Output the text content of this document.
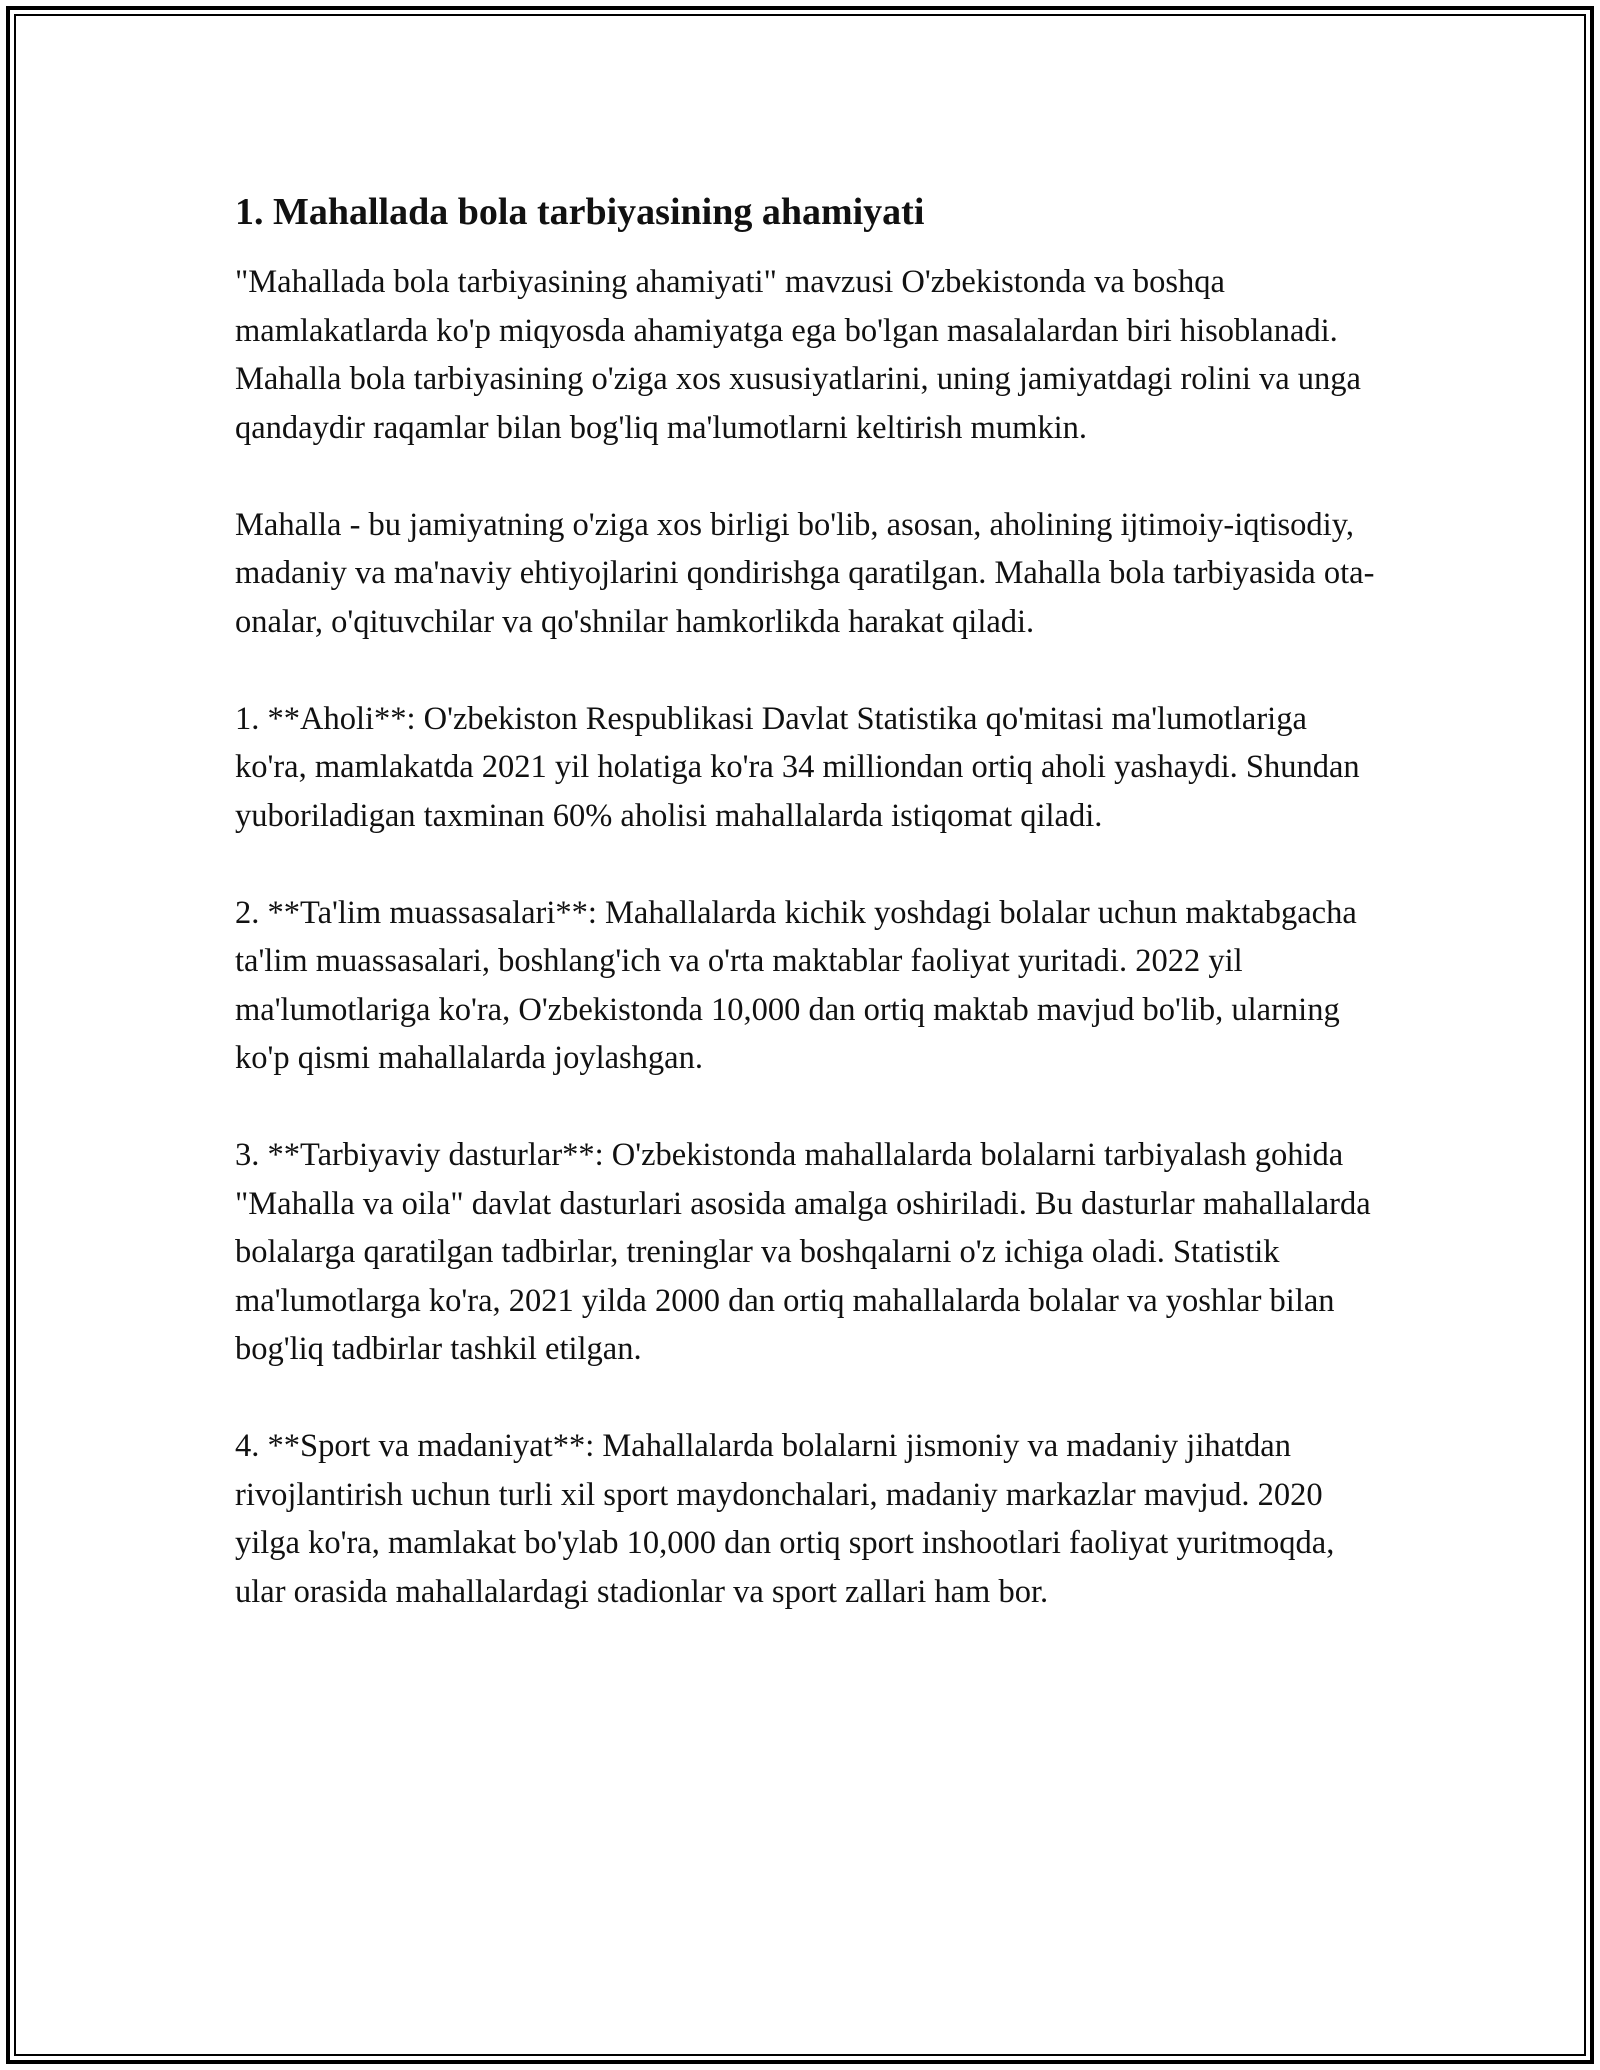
1. Mahallada bola tarbiyasining ahamiyati

"Mahallada bola tarbiyasining ahamiyati" mavzusi O'zbekistonda va boshqa mamlakatlarda ko'p miqyosda ahamiyatga ega bo'lgan masalalardan biri hisoblanadi. Mahalla bola tarbiyasining o'ziga xos xususiyatlarini, uning jamiyatdagi rolini va unga qandaydir raqamlar bilan bog'liq ma'lumotlarni keltirish mumkin.

Mahalla - bu jamiyatning o'ziga xos birligi bo'lib, asosan, aholining ijtimoiy-iqtisodiy, madaniy va ma'naviy ehtiyojlarini qondirishga qaratilgan. Mahalla bola tarbiyasida ota-onalar, o'qituvchilar va qo'shnilar hamkorlikda harakat qiladi.

1. **Aholi**: O'zbekiston Respublikasi Davlat Statistika qo'mitasi ma'lumotlariga ko'ra, mamlakatda 2021 yil holatiga ko'ra 34 milliondan ortiq aholi yashaydi. Shundan yuboriladigan taxminan 60% aholisi mahallalarda istiqomat qiladi.

2. **Ta'lim muassasalari**: Mahallalarda kichik yoshdagi bolalar uchun maktabgacha ta'lim muassasalari, boshlang'ich va o'rta maktablar faoliyat yuritadi. 2022 yil ma'lumotlariga ko'ra, O'zbekistonda 10,000 dan ortiq maktab mavjud bo'lib, ularning ko'p qismi mahallalarda joylashgan.

3. **Tarbiyaviy dasturlar**: O'zbekistonda mahallalarda bolalarni tarbiyalash gohida "Mahalla va oila" davlat dasturlari asosida amalga oshiriladi. Bu dasturlar mahallalarda bolalarga qaratilgan tadbirlar, treninglar va boshqalarni o'z ichiga oladi. Statistik ma'lumotlarga ko'ra, 2021 yilda 2000 dan ortiq mahallalarda bolalar va yoshlar bilan bog'liq tadbirlar tashkil etilgan.

4. **Sport va madaniyat**: Mahallalarda bolalarni jismoniy va madaniy jihatdan rivojlantirish uchun turli xil sport maydonchalari, madaniy markazlar mavjud. 2020 yilga ko'ra, mamlakat bo'ylab 10,000 dan ortiq sport inshootlari faoliyat yuritmoqda, ular orasida mahallalardagi stadionlar va sport zallari ham bor.
